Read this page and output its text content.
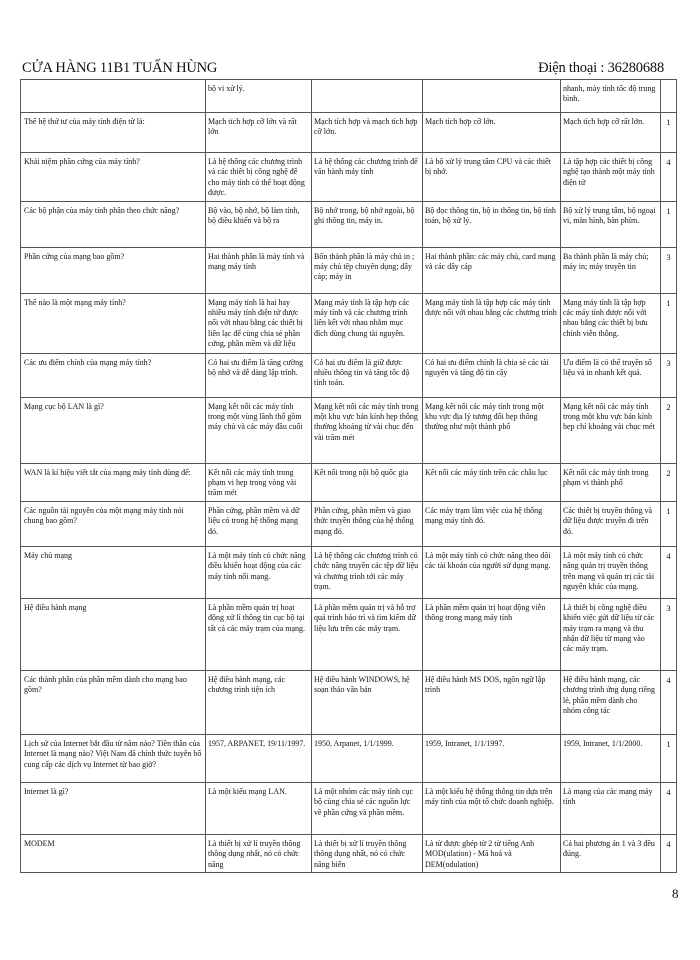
CỬA HÀNG 11B1 TUẤN HÙNG	Điện thoại : 36280688
	bộ vi xử lý.			nhanh, máy tính tốc độ trung bình.	
Thế hệ thứ tư của máy tính điện tử là:	Mạch tích hợp cỡ lớn và rất lớn	Mạch tích hợp và mạch tích hợp cỡ lớn.	Mạch tích hợp cỡ lớn.	Mạch tích hợp cỡ rất lớn.	1
Khái niệm phần cứng của máy tính?	Là hệ thống các chương trình và các thiết bị công nghệ để cho máy tính có thể hoạt động được.	Là hệ thống các chương trình để văn hành máy tính	Là bộ xử lý trung tâm CPU và các thiết bị nhớ.	Là tập hợp các thiết bị công nghệ tạo thành một máy tính điện tử	4
Các bộ phận của máy tính phân theo chức năng?	Bộ vào, bộ nhớ, bộ làm tính, bộ điều khiển và bộ ra	Bộ nhớ trong, bộ nhớ ngoài, bộ ghi thông tin, máy in.	Bộ đọc thông tin, bộ in thông tin, bộ tính toán, bộ xử lý.	Bộ xử lý trung tâm, bộ ngoại vi, màn hình, bàn phím.	1
Phần cứng của mạng bao gồm?	Hai thành phần là máy tính và mạng máy tính	Bốn thành phần là máy chủ in ; máy chủ tệp chuyên dụng; dây cáp; máy in	Hai thành phần: các máy chủ, card mạng và các dây cáp	Ba thành phần là máy chủ; máy in; máy truyền tin	3
Thế nào là một mạng máy tính?	Mạng máy tính là hai hay nhiều máy tính điện tử được nối với nhau bằng các thiết bị liên lạc để cùng chia sẻ phần cứng, phần mềm và dữ liệu	Mạng máy tính là tập hợp các máy tính và các chương trình liên kết với nhau nhằm mục đích dùng chung tài nguyên.	Mạng máy tính là tập hợp các máy tính được nối với nhau bằng các chương trình	Mạng máy tính là tập hợp các máy tính được nối với nhau bằng các thiết bị bưu chính viễn thông.	1
Các ưu điểm chính của mạng máy tính?	Có hai ưu điểm là tăng cường bộ nhớ và dễ dàng lập trình.	Có hai ưu điểm là giữ được nhiều thông tin và tăng tốc độ tính toán.	Có hai ưu điểm chính là chia sẻ các tài nguyên và tăng độ tin cậy	Ưu điểm là có thể truyền số liệu và in nhanh kết quả.	3
Mạng cục bộ LAN là gì?	Mạng kết nối các máy tính trong một vùng lãnh thổ gồm máy chủ và các máy đầu cuối	Mạng kết nối các máy tính trong một khu vực bán kính hẹp thông thường khoảng từ vài chục đến vài trăm mét	Mạng kết nối các máy tính trong một khu vực địa lý tương đối hẹp thông thường như một thành phố	Mạng kết nối các máy tính trong một khu vực bán kính hẹp chỉ khoảng vài chục mét	2
WAN là kí hiệu viết tắt của mạng máy tính dùng để:	Kết nối các máy tính trong phạm vi hẹp trong vòng vài trăm mét	Kết nối trong nội bộ quốc gia	Kết nối các máy tính trên các châu lục	Kết nối các máy tính trong phạm vi thành phố	2
Các nguồn tài nguyên của một mạng máy tính nói chung bao gồm?	Phần cứng, phần mềm và dữ liệu có trong hệ thống mạng đó.	Phần cứng, phần mềm và giao thức truyền thông của hệ thống mạng đó.	Các máy trạm làm việc của hệ thống mạng máy tính đó.	Các thiết bị truyền thông và dữ liệu được truyền đi trên đó.	1
Máy chủ mạng	Là một máy tính có chức năng điều khiển hoạt động của các máy tính nối mạng.	Là hệ thống các chương trình có chức năng truyền các tệp dữ liệu và chương trình tới các máy trạm.	Là một máy tính có chức năng theo dõi các tài khoản của người sử dụng mạng.	Là một máy tính có chức năng quản trị truyền thông trên mạng và quản trị các tài nguyên khác của mạng.	4
Hệ điều hành mạng	Là phần mềm quản trị hoạt động xử lí thông tin cục bộ tại tất cả các máy trạm của mạng.	Là phần mềm quản trị và hỗ trợ quá trình báo trì và tìm kiếm dữ liệu lưu trên các máy trạm.	Là phần mềm quản trị hoạt động viễn thông trong mạng máy tính	Là thiết bị công nghệ điều khiển việc gửi dữ liệu từ các máy trạm ra mạng và thu nhận dữ liệu từ mạng vào các máy trạm.	3
Các thành phần của phần mềm dành cho mạng bao gồm?	Hệ điều hành mạng, các chương trình tiện ích	Hệ điều hành WINDOWS, hệ soạn thảo văn bản	Hệ điều hành MS DOS, ngôn ngữ lập trình	Hệ điều hành mạng, các chương trình ứng dụng riêng lẻ, phần mềm dành cho nhóm công tác	4
Lịch sử của Internet bắt đầu từ năm nào? Tiền thân của Internet là mạng nào? Việt Nam đã chính thức tuyên bố cung cấp các dịch vụ Internet từ bao giờ?	1957, ARPANET, 19/11/1997.	1950, Arpanet, 1/1/1999.	1959, Intranet, 1/1/1997.	1959, Intranet, 1/1/2000.	1
Internet là gì?	Là một kiểu mạng LAN.	Là một nhóm các máy tính cục bộ cùng chia sẻ các nguồn lực về phần cứng và phần mềm.	Là một kiểu hệ thống thông tin dựa trên máy tính của một tổ chức doanh nghiệp.	Là mạng của các mạng máy tính	4
MODEM	Là thiết bị xử lí truyền thông thông dụng nhất, nó có chức năng	Là thiết bị xử lí truyền thông thông dụng nhất, nó có chức năng biến	Là từ được ghép từ 2 từ tiếng Anh MOD(ulation) - Mã hoá và DEM(odulation)	Cả hai phương án 1 và 3 đều đúng.	4
8
